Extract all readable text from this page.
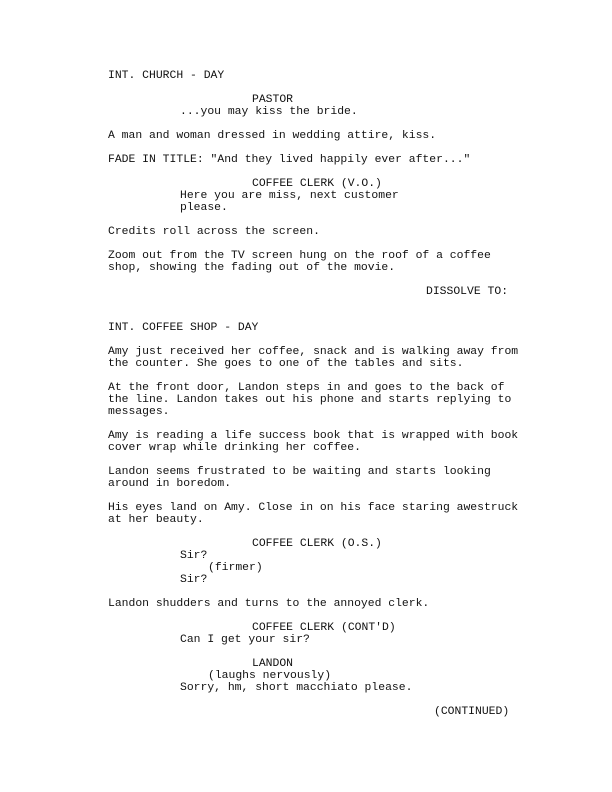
INT. CHURCH - DAY
PASTOR
...you may kiss the bride.
A man and woman dressed in wedding attire, kiss.
FADE IN TITLE: "And they lived happily ever after..."
COFFEE CLERK (V.O.)
Here you are miss, next customer
please.
Credits roll across the screen.
Zoom out from the TV screen hung on the roof of a coffee
shop, showing the fading out of the movie.
DISSOLVE TO:
INT. COFFEE SHOP - DAY
Amy just received her coffee, snack and is walking away from
the counter. She goes to one of the tables and sits.
At the front door, Landon steps in and goes to the back of
the line. Landon takes out his phone and starts replying to
messages.
Amy is reading a life success book that is wrapped with book
cover wrap while drinking her coffee.
Landon seems frustrated to be waiting and starts looking
around in boredom.
His eyes land on Amy. Close in on his face staring awestruck
at her beauty.
COFFEE CLERK (O.S.)
Sir?
(firmer)
Sir?
Landon shudders and turns to the annoyed clerk.
COFFEE CLERK (CONT'D)
Can I get your sir?
LANDON
(laughs nervously)
Sorry, hm, short macchiato please.
(CONTINUED)
